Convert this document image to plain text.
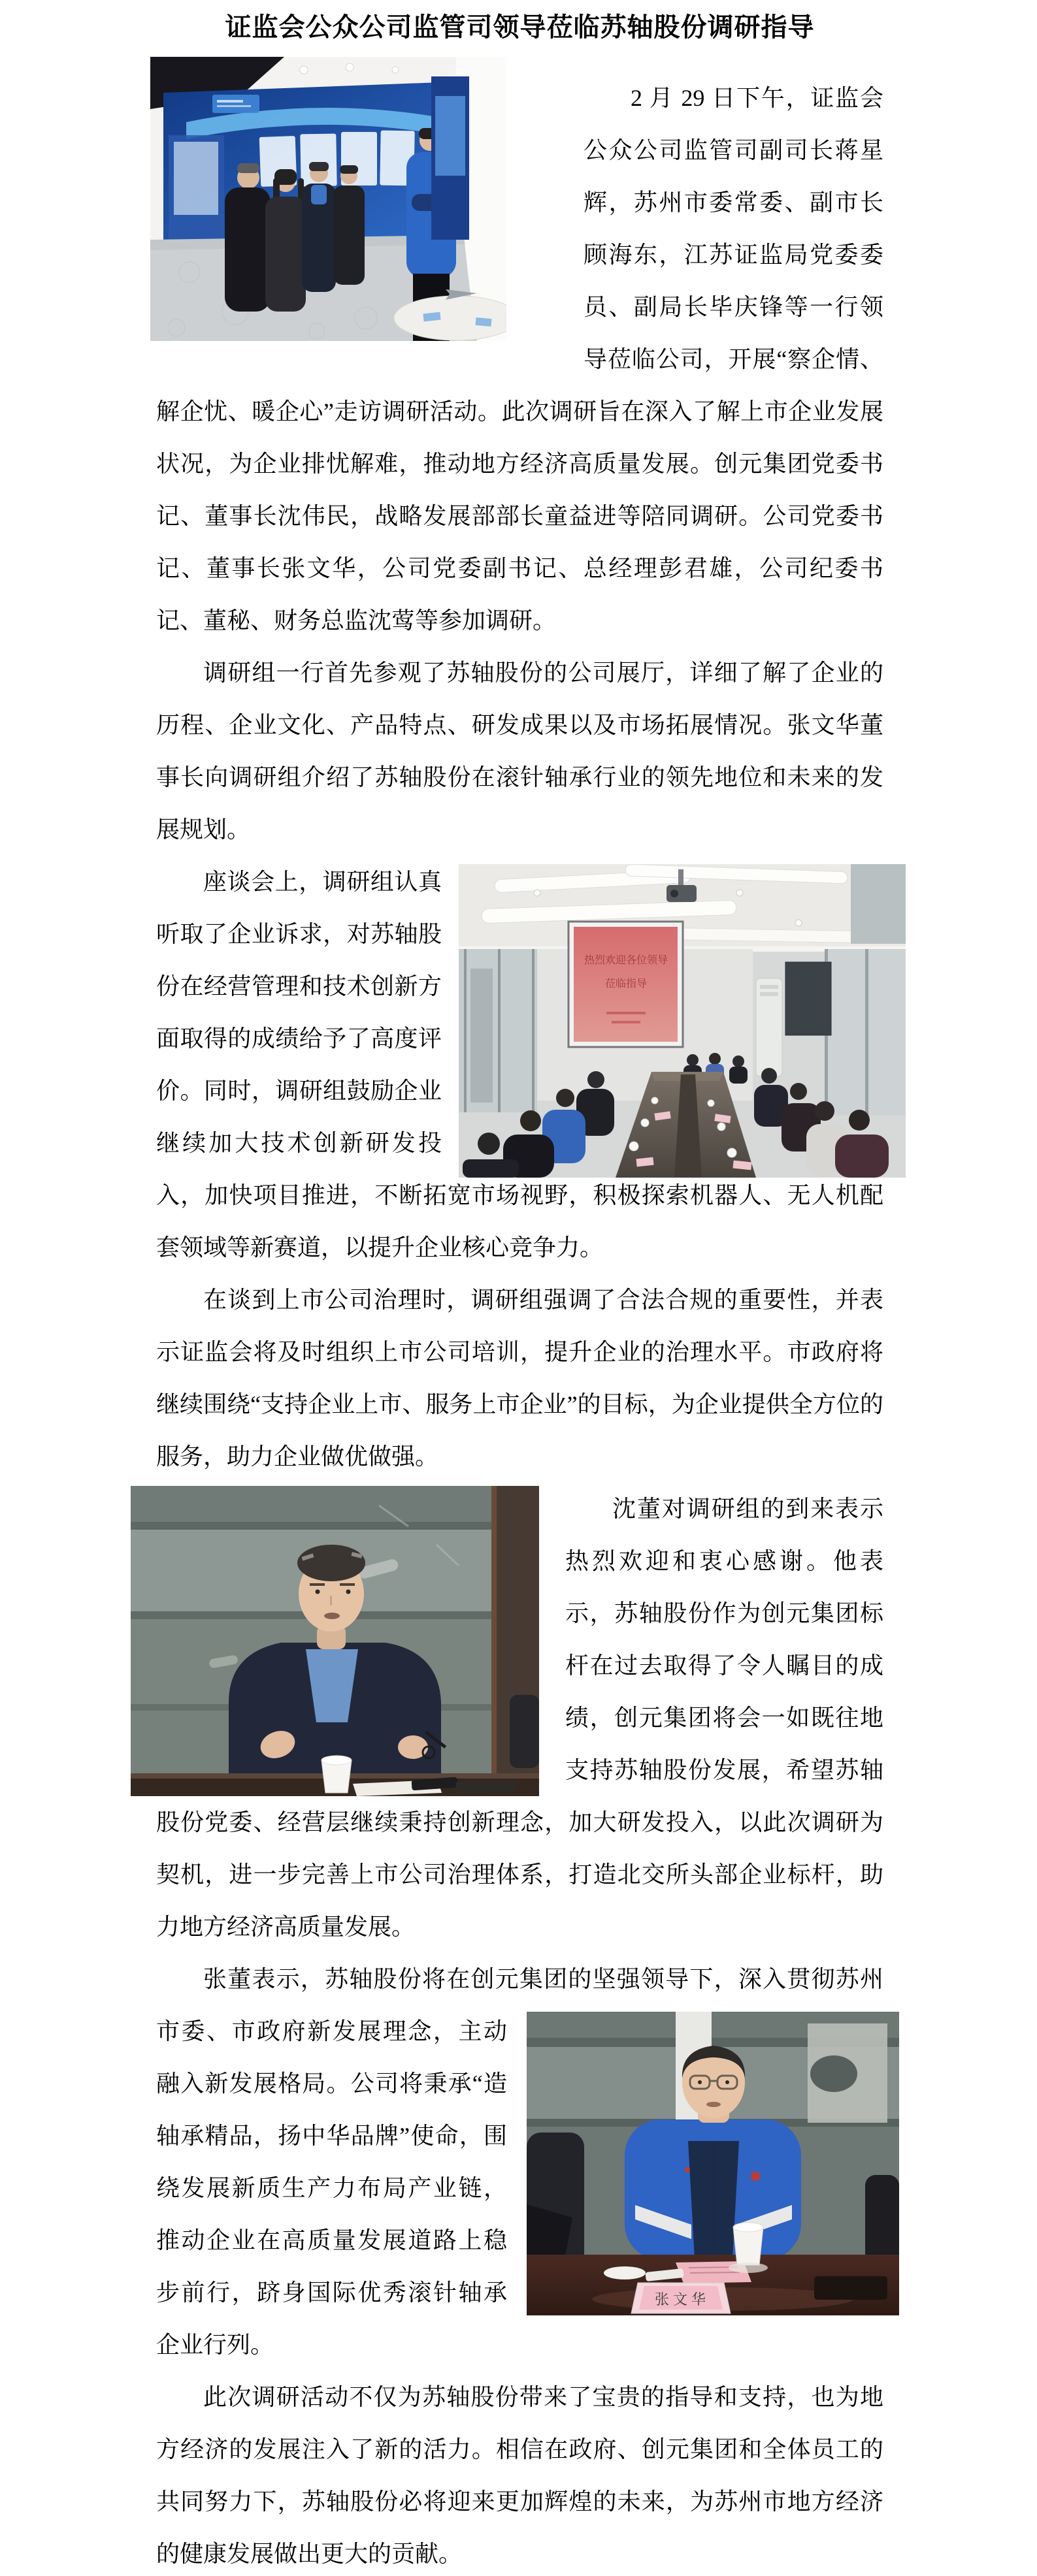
证监会公众公司监管司领导莅临苏轴股份调研指导

2 月 29 日下午，证监会公众公司监管司副司长蒋星辉，苏州市委常委、副市长顾海东，江苏证监局党委委员、副局长毕庆锋等一行领导莅临公司，开展“察企情、解企忧、暖企心”走访调研活动。此次调研旨在深入了解上市企业发展状况，为企业排忧解难，推动地方经济高质量发展。创元集团党委书记、董事长沈伟民，战略发展部部长童益进等陪同调研。公司党委书记、董事长张文华，公司党委副书记、总经理彭君雄，公司纪委书记、董秘、财务总监沈莺等参加调研。

调研组一行首先参观了苏轴股份的公司展厅，详细了解了企业的历程、企业文化、产品特点、研发成果以及市场拓展情况。张文华董事长向调研组介绍了苏轴股份在滚针轴承行业的领先地位和未来的发展规划。

热烈欢迎各位领导
莅临指导
座谈会上，调研组认真听取了企业诉求，对苏轴股份在经营管理和技术创新方面取得的成绩给予了高度评价。同时，调研组鼓励企业继续加大技术创新研发投入，加快项目推进，不断拓宽市场视野，积极探索机器人、无人机配套领域等新赛道，以提升企业核心竞争力。

在谈到上市公司治理时，调研组强调了合法合规的重要性，并表示证监会将及时组织上市公司培训，提升企业的治理水平。市政府将继续围绕“支持企业上市、服务上市企业”的目标，为企业提供全方位的服务，助力企业做优做强。

沈董对调研组的到来表示热烈欢迎和衷心感谢。他表示，苏轴股份作为创元集团标杆在过去取得了令人瞩目的成绩，创元集团将会一如既往地支持苏轴股份发展，希望苏轴股份党委、经营层继续秉持创新理念，加大研发投入，以此次调研为契机，进一步完善上市公司治理体系，打造北交所头部企业标杆，助力地方经济高质量发展。

张董表示，苏轴股份将在创元集团的坚强领导下，深入贯彻苏州
张文华
市委、市政府新发展理念，主动融入新发展格局。公司将秉承“造轴承精品，扬中华品牌”使命，围绕发展新质生产力布局产业链，推动企业在高质量发展道路上稳步前行，跻身国际优秀滚针轴承企业行列。

此次调研活动不仅为苏轴股份带来了宝贵的指导和支持，也为地方经济的发展注入了新的活力。相信在政府、创元集团和全体员工的共同努力下，苏轴股份必将迎来更加辉煌的未来，为苏州市地方经济的健康发展做出更大的贡献。
